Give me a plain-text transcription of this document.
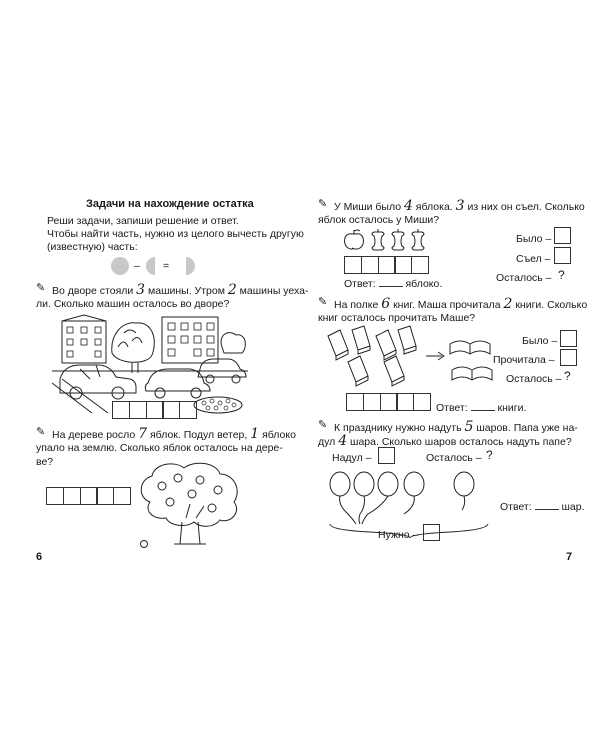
Задачи на нахождение остатка
Реши задачи, запиши решение и ответ.
Чтобы найти часть, нужно из целого вычесть другую
(известную) часть:
– =
✎ Во дворе стояли 3 машины. Утром 2 машины уеха-
ли. Сколько машин осталось во дворе?
✎ На дереве росло 7 яблок. Подул ветер, 1 яблоко
упало на землю. Сколько яблок осталось на дере-
ве?
6
✎ У Миши было 4 яблока. 3 из них он съел. Сколько
яблок осталось у Миши?
Было –
Съел –
Осталось – ?
Ответ:	яблоко.
✎ На полке 6 книг. Маша прочитала 2 книги. Сколько
книг осталось прочитать Маше?
Было –
Прочитала –
Осталось – ?
Ответ:	книги.
✎ К празднику нужно надуть 5 шаров. Папа уже на-
дул 4 шара. Сколько шаров осталось надуть папе?
Надул –	Осталось – ?
Ответ:	шар.
Нужно –
7
